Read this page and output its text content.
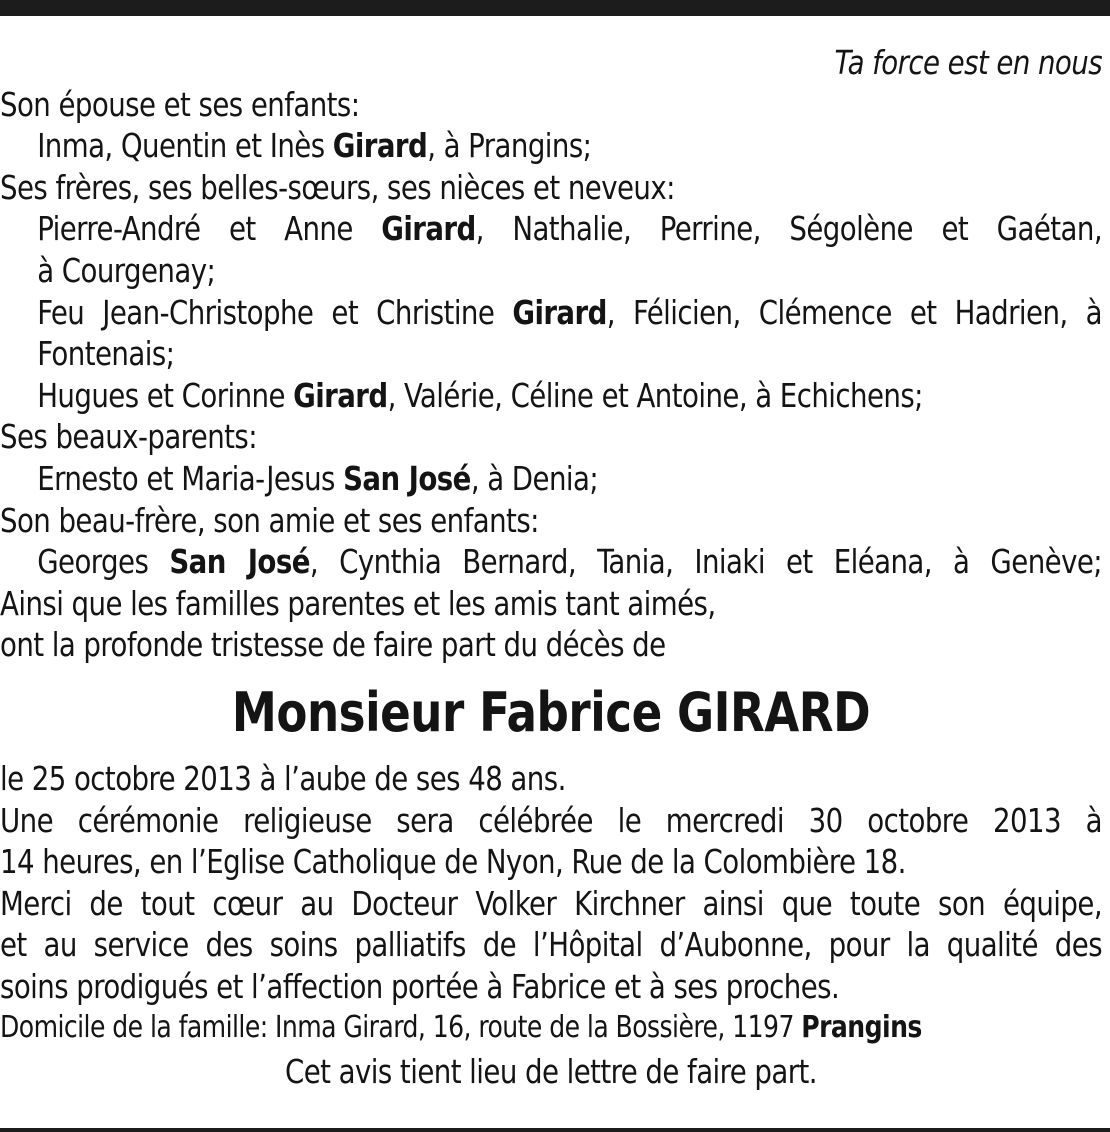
Ta force est en nous
Son épouse et ses enfants:
Inma, Quentin et Inès Girard, à Prangins;
Ses frères, ses belles-sœurs, ses nièces et neveux:
Pierre-André et Anne Girard, Nathalie, Perrine, Ségolène et Gaétan,
à Courgenay;
Feu Jean-Christophe et Christine Girard, Félicien, Clémence et Hadrien, à
Fontenais;
Hugues et Corinne Girard, Valérie, Céline et Antoine, à Echichens;
Ses beaux-parents:
Ernesto et Maria-Jesus San José, à Denia;
Son beau-frère, son amie et ses enfants:
Georges San José, Cynthia Bernard, Tania, Iniaki et Eléana, à Genève;
Ainsi que les familles parentes et les amis tant aimés,
ont la profonde tristesse de faire part du décès de
Monsieur Fabrice GIRARD
le 25 octobre 2013 à l’aube de ses 48 ans.
Une cérémonie religieuse sera célébrée le mercredi 30 octobre 2013 à
14 heures, en l’Eglise Catholique de Nyon, Rue de la Colombière 18.
Merci de tout cœur au Docteur Volker Kirchner ainsi que toute son équipe,
et au service des soins palliatifs de l’Hôpital d’Aubonne, pour la qualité des
soins prodigués et l’affection portée à Fabrice et à ses proches.
Domicile de la famille: Inma Girard, 16, route de la Bossière, 1197 Prangins
Cet avis tient lieu de lettre de faire part.
